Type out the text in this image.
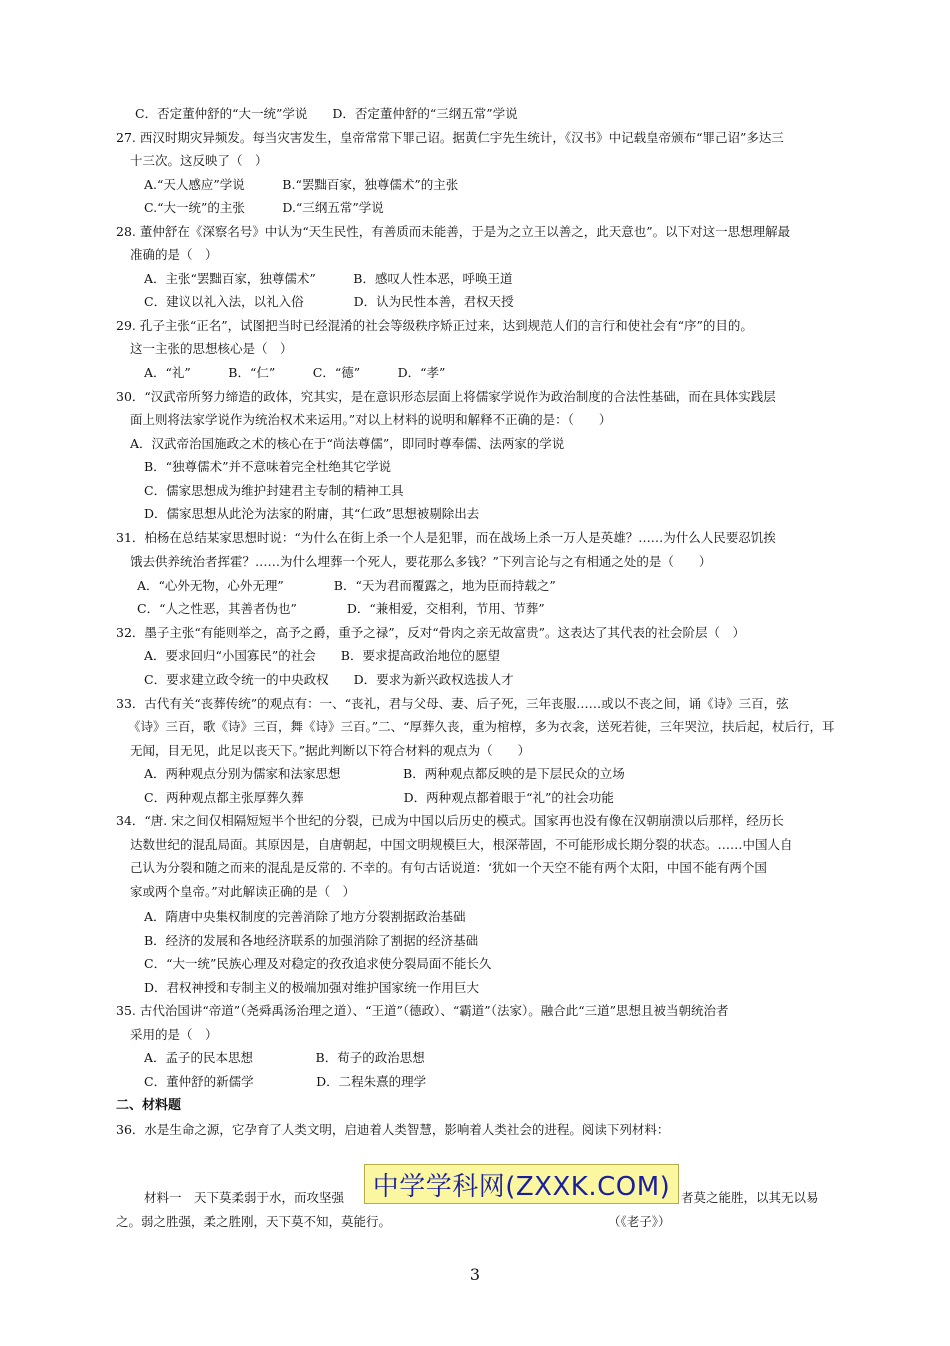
C．否定董仲舒的“大一统”学说　　D．否定董仲舒的“三纲五常”学说
27. 西汉时期灾异频发。每当灾害发生，皇帝常常下罪己诏。据黄仁宇先生统计，《汉书》中记载皇帝颁布“罪己诏”多达三
十三次。这反映了（　）
A.“天人感应”学说　　　B.“罢黜百家，独尊儒术”的主张
C.“大一统”的主张　　　D.“三纲五常”学说
28. 董仲舒在《深察名号》中认为“天生民性，有善质而未能善，于是为之立王以善之，此天意也”。以下对这一思想理解最
准确的是（　）
A．主张“罢黜百家，独尊儒术”　　　B．感叹人性本恶，呼唤王道
C．建议以礼入法，以礼入俗　　　　D．认为民性本善，君权天授
29. 孔子主张“正名”，试图把当时已经混淆的社会等级秩序矫正过来，达到规范人们的言行和使社会有“序”的目的。
这一主张的思想核心是（　）
A．“礼”　　　B．“仁”　　　C．“德”　　　D．“孝”
30．“汉武帝所努力缔造的政体，究其实，是在意识形态层面上将儒家学说作为政治制度的合法性基础，而在具体实践层
面上则将法家学说作为统治权术来运用。”对以上材料的说明和解释不正确的是：（　　）
A．汉武帝治国施政之术的核心在于“尚法尊儒”，即同时尊奉儒、法两家的学说
B．“独尊儒术”并不意味着完全杜绝其它学说
C．儒家思想成为维护封建君主专制的精神工具
D．儒家思想从此沦为法家的附庸，其“仁政”思想被剔除出去
31．柏杨在总结某家思想时说：“为什么在街上杀一个人是犯罪，而在战场上杀一万人是英雄？……为什么人民要忍饥挨
饿去供养统治者挥霍？……为什么埋葬一个死人，要花那么多钱？”下列言论与之有相通之处的是（　　）
A．“心外无物，心外无理”　　　　B．“天为君而覆露之，地为臣而持载之”
C．“人之性恶，其善者伪也”　　　　D．“兼相爱，交相利，节用、节葬”
32．墨子主张“有能则举之，高予之爵，重予之禄”，反对“骨肉之亲无故富贵”。这表达了其代表的社会阶层（　）
A．要求回归“小国寡民”的社会　　B．要求提高政治地位的愿望
C．要求建立政令统一的中央政权　　D．要求为新兴政权选拔人才
33．古代有关“丧葬传统”的观点有：一、“丧礼，君与父母、妻、后子死，三年丧服……或以不丧之间，诵《诗》三百，弦
《诗》三百，歌《诗》三百，舞《诗》三百。”二、“厚葬久丧，重为棺椁，多为衣衾，送死若徙，三年哭泣，扶后起，杖后行，耳
无闻，目无见，此足以丧天下。”据此判断以下符合材料的观点为（　　）
A．两种观点分别为儒家和法家思想　　　　　B．两种观点都反映的是下层民众的立场
C．两种观点都主张厚葬久葬　　　　　　　　D．两种观点都着眼于“礼”的社会功能
34．“唐. 宋之间仅相隔短短半个世纪的分裂，已成为中国以后历史的模式。国家再也没有像在汉朝崩溃以后那样，经历长
达数世纪的混乱局面。其原因是，自唐朝起，中国文明规模巨大，根深蒂固，不可能形成长期分裂的状态。……中国人自
己认为分裂和随之而来的混乱是反常的. 不幸的。有句古话说道：‘犹如一个天空不能有两个太阳，中国不能有两个国
家或两个皇帝。”对此解读正确的是（　）
A．隋唐中央集权制度的完善消除了地方分裂割据政治基础
B．经济的发展和各地经济联系的加强消除了割据的经济基础
C．“大一统”民族心理及对稳定的孜孜追求使分裂局面不能长久
D．君权神授和专制主义的极端加强对维护国家统一作用巨大
35. 古代治国讲“帝道”（尧舜禹汤治理之道）、“王道”（德政）、“霸道”（法家）。融合此“三道”思想且被当朝统治者
采用的是（　）
A．孟子的民本思想　　　　　B．荀子的政治思想
C．董仲舒的新儒学　　　　　D．二程朱熹的理学
二、材料题
36．水是生命之源，它孕育了人类文明，启迪着人类智慧，影响着人类社会的进程。阅读下列材料：
材料一　天下莫柔弱于水，而攻坚强	者莫之能胜，以其无以易
之。弱之胜强，柔之胜刚，天下莫不知，莫能行。	（《老子》）
中学学科网(ZXXK.COM)
3
